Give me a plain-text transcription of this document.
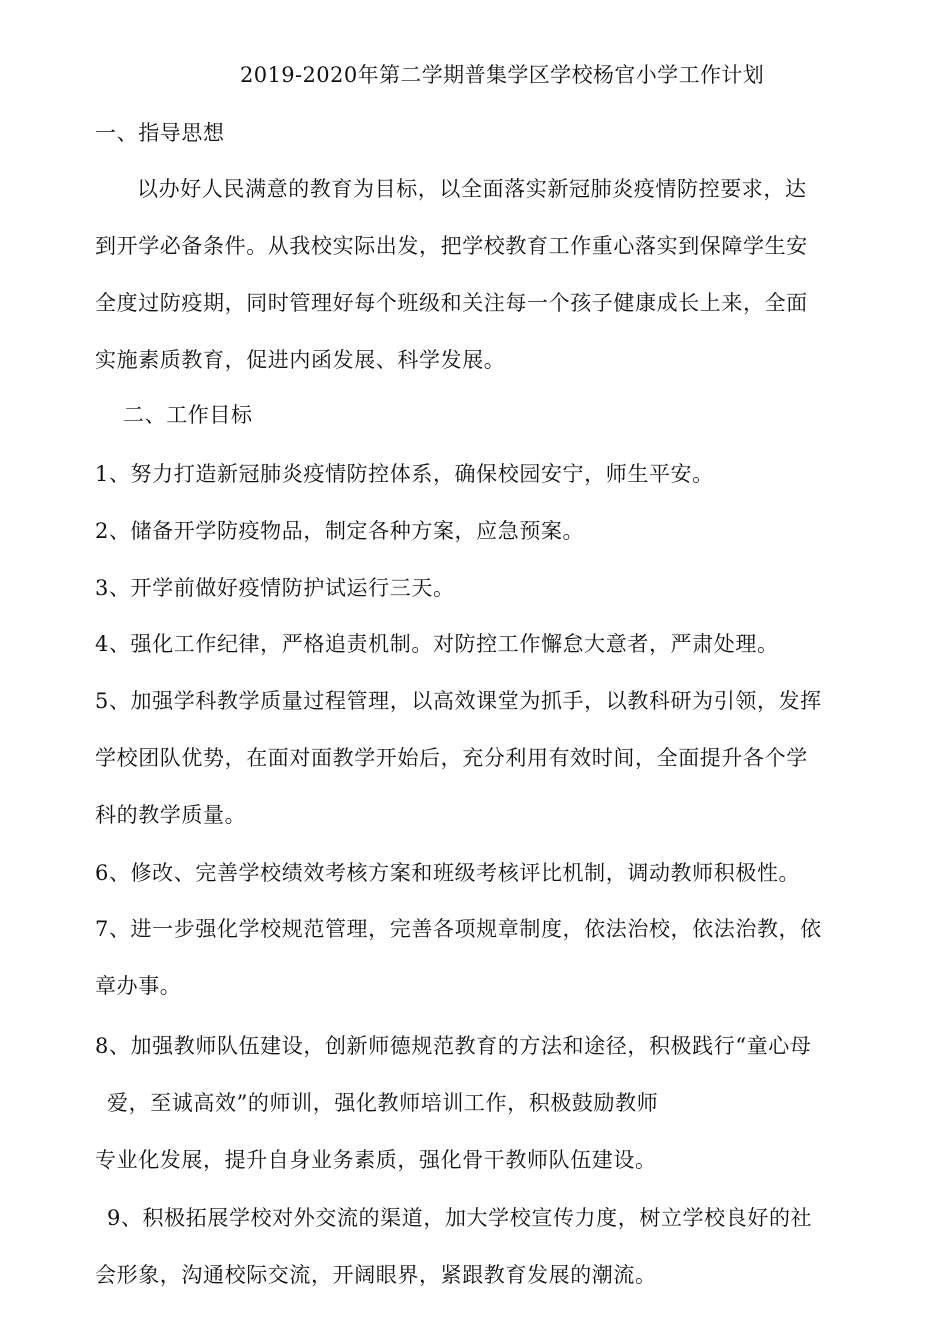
2019-2020年第二学期普集学区学校杨官小学工作计划
一、指导思想
以办好人民满意的教育为目标，以全面落实新冠肺炎疫情防控要求，达
到开学必备条件。从我校实际出发，把学校教育工作重心落实到保障学生安
全度过防疫期，同时管理好每个班级和关注每一个孩子健康成长上来，全面
实施素质教育，促进内函发展、科学发展。
二、工作目标
1、努力打造新冠肺炎疫情防控体系，确保校园安宁，师生平安。
2、储备开学防疫物品，制定各种方案，应急预案。
3、开学前做好疫情防护试运行三天。
4、强化工作纪律，严格追责机制。对防控工作懈怠大意者，严肃处理。
5、加强学科教学质量过程管理，以高效课堂为抓手，以教科研为引领，发挥
学校团队优势，在面对面教学开始后，充分利用有效时间，全面提升各个学
科的教学质量。
6、修改、完善学校绩效考核方案和班级考核评比机制，调动教师积极性。
7、进一步强化学校规范管理，完善各项规章制度，依法治校，依法治教，依
章办事。
8、加强教师队伍建设，创新师德规范教育的方法和途径，积极践行“童心母
爱，至诚高效”的师训，强化教师培训工作，积极鼓励教师
专业化发展，提升自身业务素质，强化骨干教师队伍建设。
9、积极拓展学校对外交流的渠道，加大学校宣传力度，树立学校良好的社
会形象，沟通校际交流，开阔眼界，紧跟教育发展的潮流。
